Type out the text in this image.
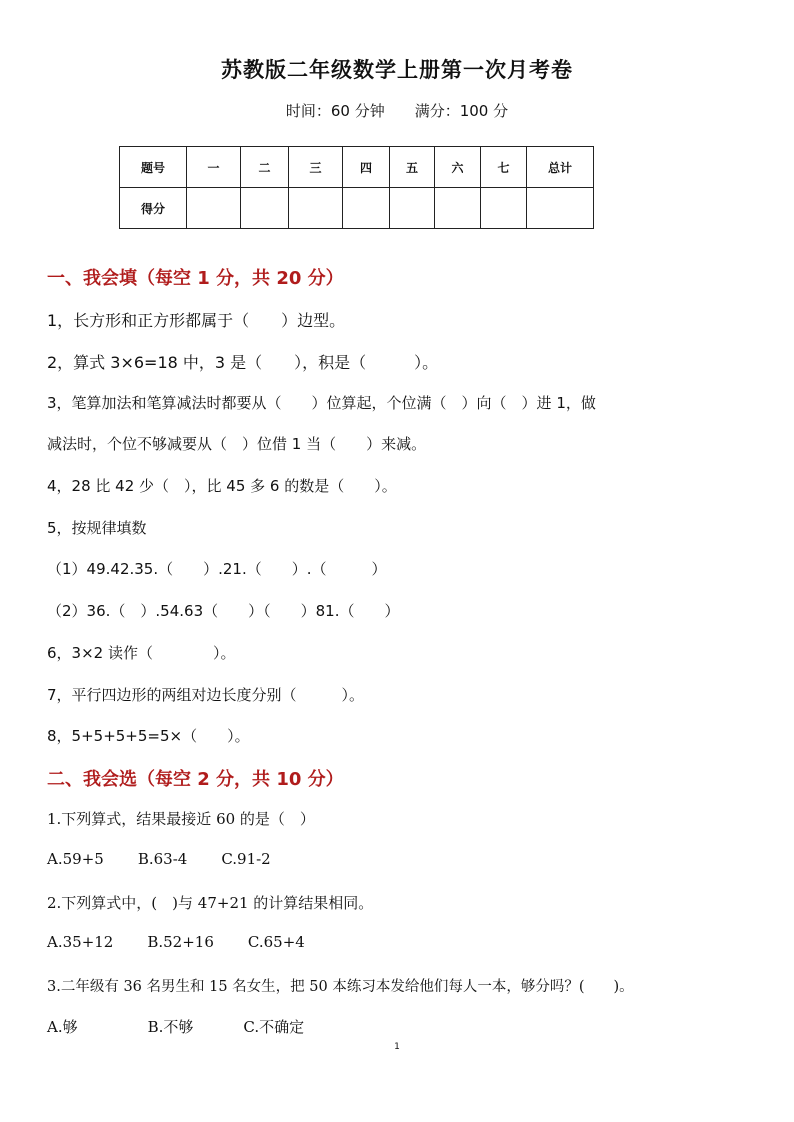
苏教版二年级数学上册第一次月考卷
时间：60 分钟 满分：100 分
题号	一	二	三	四	五	六	七	总计
得分								
一、我会填（每空 1 分，共 20 分）
1，长方形和正方形都属于（　　）边型。
2，算式 3×6=18 中，3 是（　　），积是（　　　）。
3，笔算加法和笔算减法时都要从（　　）位算起，个位满（　）向（　）进 1，做
减法时，个位不够减要从（　）位借 1 当（　　）来减。
4，28 比 42 少（　），比 45 多 6 的数是（　　）。
5，按规律填数
（1）49.42.35.（　　）.21.（　　）.（　　　）
（2）36.（　）.54.63（　　）（　　）81.（　　）
6，3×2 读作（　　　　）。
7，平行四边形的两组对边长度分别（　　　）。
8，5+5+5+5=5×（　　）。
二、我会选（每空 2 分，共 10 分）
1.下列算式，结果最接近 60 的是（　）
A.59+5 B.63-4 C.91-2
2.下列算式中，(　)与 47+21 的计算结果相同。
A.35+12 B.52+16 C.65+4
3.二年级有 36 名男生和 15 名女生，把 50 本练习本发给他们每人一本，够分吗？(　　)。
A.够	B.不够	C.不确定
1
